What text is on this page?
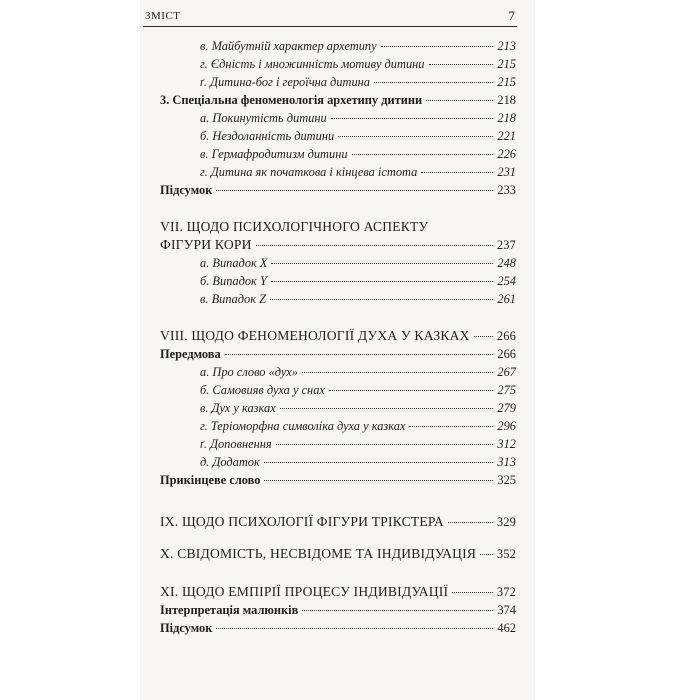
ЗМІСТ	7
в. Майбутній характер архетипу	213
г. Єдність і множинність мотиву дитини	215
ґ. Дитина-бог і героїчна дитина	215
3. Спеціальна феноменологія архетипу дитини	218
а. Покинутість дитини	218
б. Нездоланність дитини	221
в. Гермафродитизм дитини	226
г. Дитина як початкова і кінцева істота	231
Підсумок	233
VII. ЩОДО ПСИХОЛОГІЧНОГО АСПЕКТУ
ФІГУРИ КОРИ	237
а. Випадок X	248
б. Випадок Y	254
в. Випадок Z	261
VIII. ЩОДО ФЕНОМЕНОЛОГІЇ ДУХА У КАЗКАХ 266
Передмова	266
а. Про слово «дух»	267
б. Самовияв духа у снах	275
в. Дух у казках	279
г. Теріоморфна символіка духа у казках	296
ґ. Доповнення	312
д. Додаток	313
Прикінцеве слово	325
IX. ЩОДО ПСИХОЛОГІЇ ФІГУРИ ТРІКСТЕРА	329
X. СВІДОМІСТЬ, НЕСВІДОМЕ ТА ІНДИВІДУАЦІЯ 352
XI. ЩОДО ЕМПІРІЇ ПРОЦЕСУ ІНДИВІДУАЦІЇ	372
Інтерпретація малюнків	374
Підсумок	462
